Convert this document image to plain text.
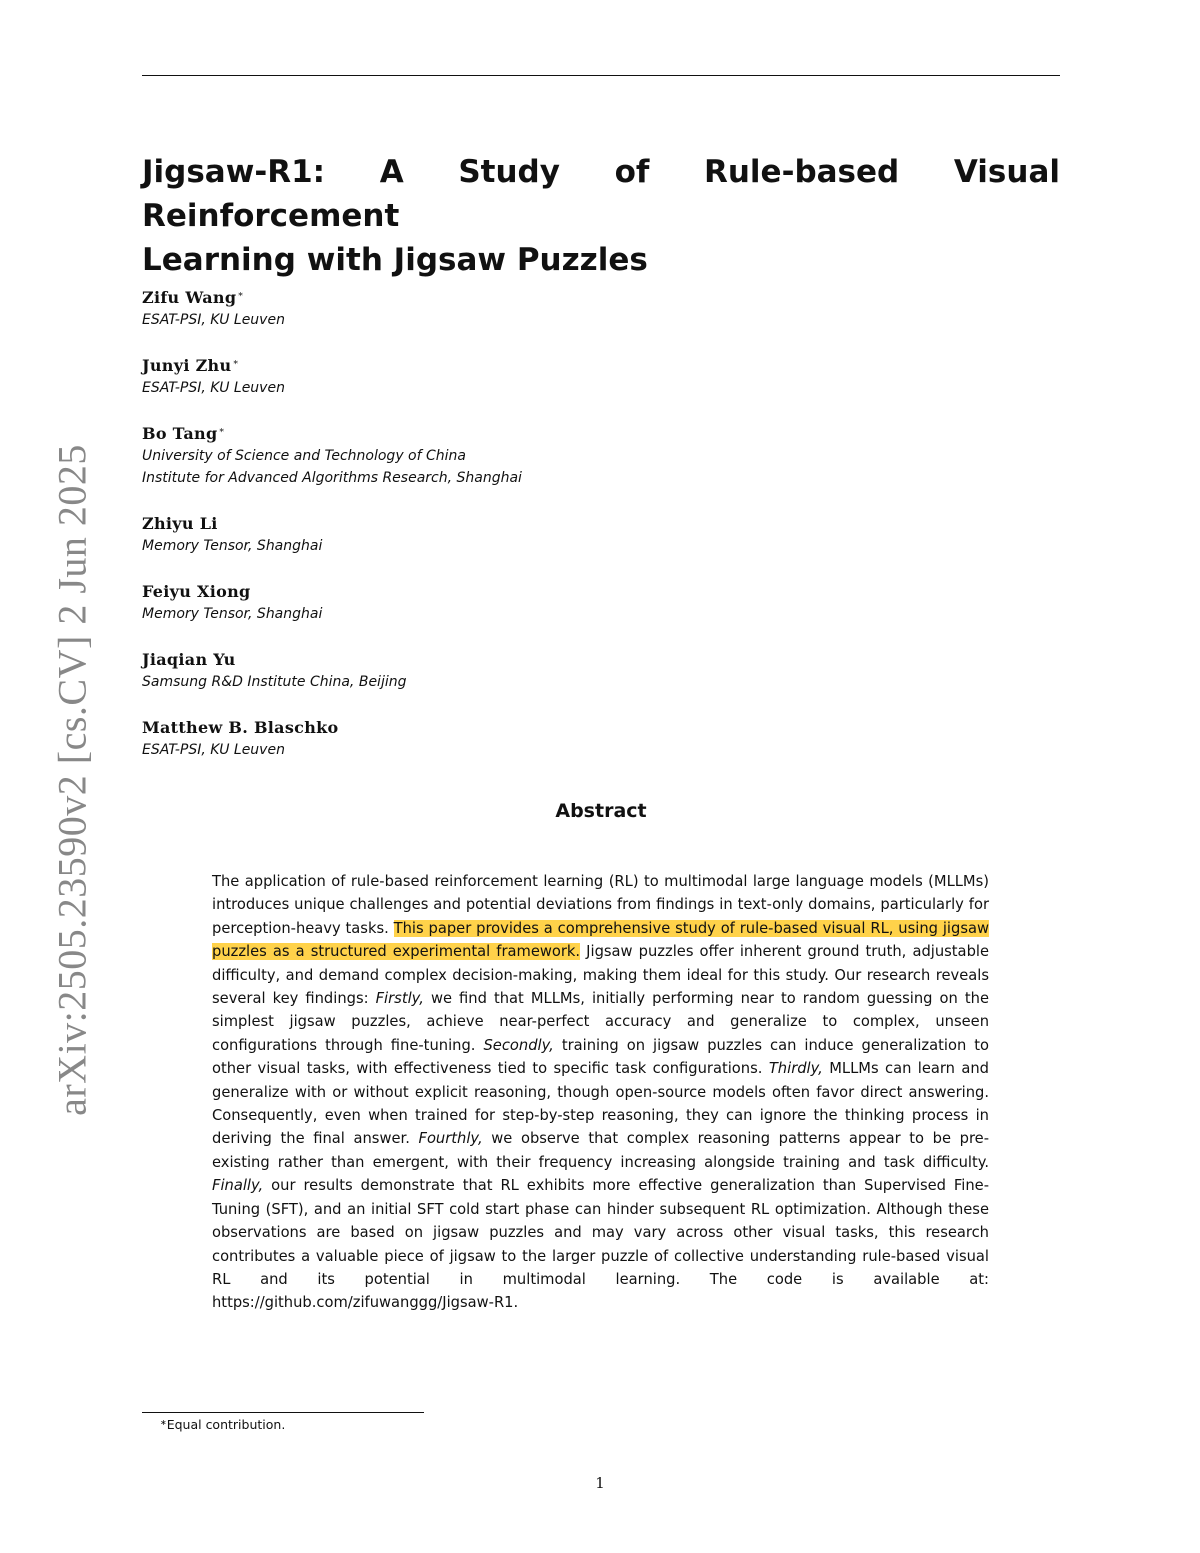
arXiv:2505.23590v2 [cs.CV] 2 Jun 2025
Jigsaw-R1: A Study of Rule-based Visual Reinforcement
Learning with Jigsaw Puzzles
Zifu Wang∗
ESAT-PSI, KU Leuven
Junyi Zhu∗
ESAT-PSI, KU Leuven
Bo Tang∗
University of Science and Technology of China
Institute for Advanced Algorithms Research, Shanghai
Zhiyu Li
Memory Tensor, Shanghai
Feiyu Xiong
Memory Tensor, Shanghai
Jiaqian Yu
Samsung R&D Institute China, Beijing
Matthew B. Blaschko
ESAT-PSI, KU Leuven
Abstract

The application of rule-based reinforcement learning (RL) to multimodal large language models (MLLMs) introduces unique challenges and potential deviations from findings in text-only domains, particularly for perception-heavy tasks. This paper provides a comprehensive study of rule-based visual RL, using jigsaw puzzles as a structured experimental framework. Jigsaw puzzles offer inherent ground truth, adjustable difficulty, and demand complex decision-making, making them ideal for this study. Our research reveals several key findings: Firstly, we find that MLLMs, initially performing near to random guessing on the simplest jigsaw puzzles, achieve near-perfect accuracy and generalize to complex, unseen configurations through fine-tuning. Secondly, training on jigsaw puzzles can induce generalization to other visual tasks, with effectiveness tied to specific task configurations. Thirdly, MLLMs can learn and generalize with or without explicit reasoning, though open-source models often favor direct answering. Consequently, even when trained for step-by-step reasoning, they can ignore the thinking process in deriving the final answer. Fourthly, we observe that complex reasoning patterns appear to be pre-existing rather than emergent, with their frequency increasing alongside training and task difficulty. Finally, our results demonstrate that RL exhibits more effective generalization than Supervised Fine-Tuning (SFT), and an initial SFT cold start phase can hinder subsequent RL optimization. Although these observations are based on jigsaw puzzles and may vary across other visual tasks, this research contributes a valuable piece of jigsaw to the larger puzzle of collective understanding rule-based visual RL and its potential in multimodal learning. The code is available at: https://github.com/zifuwanggg/Jigsaw-R1.

∗Equal contribution.
1
